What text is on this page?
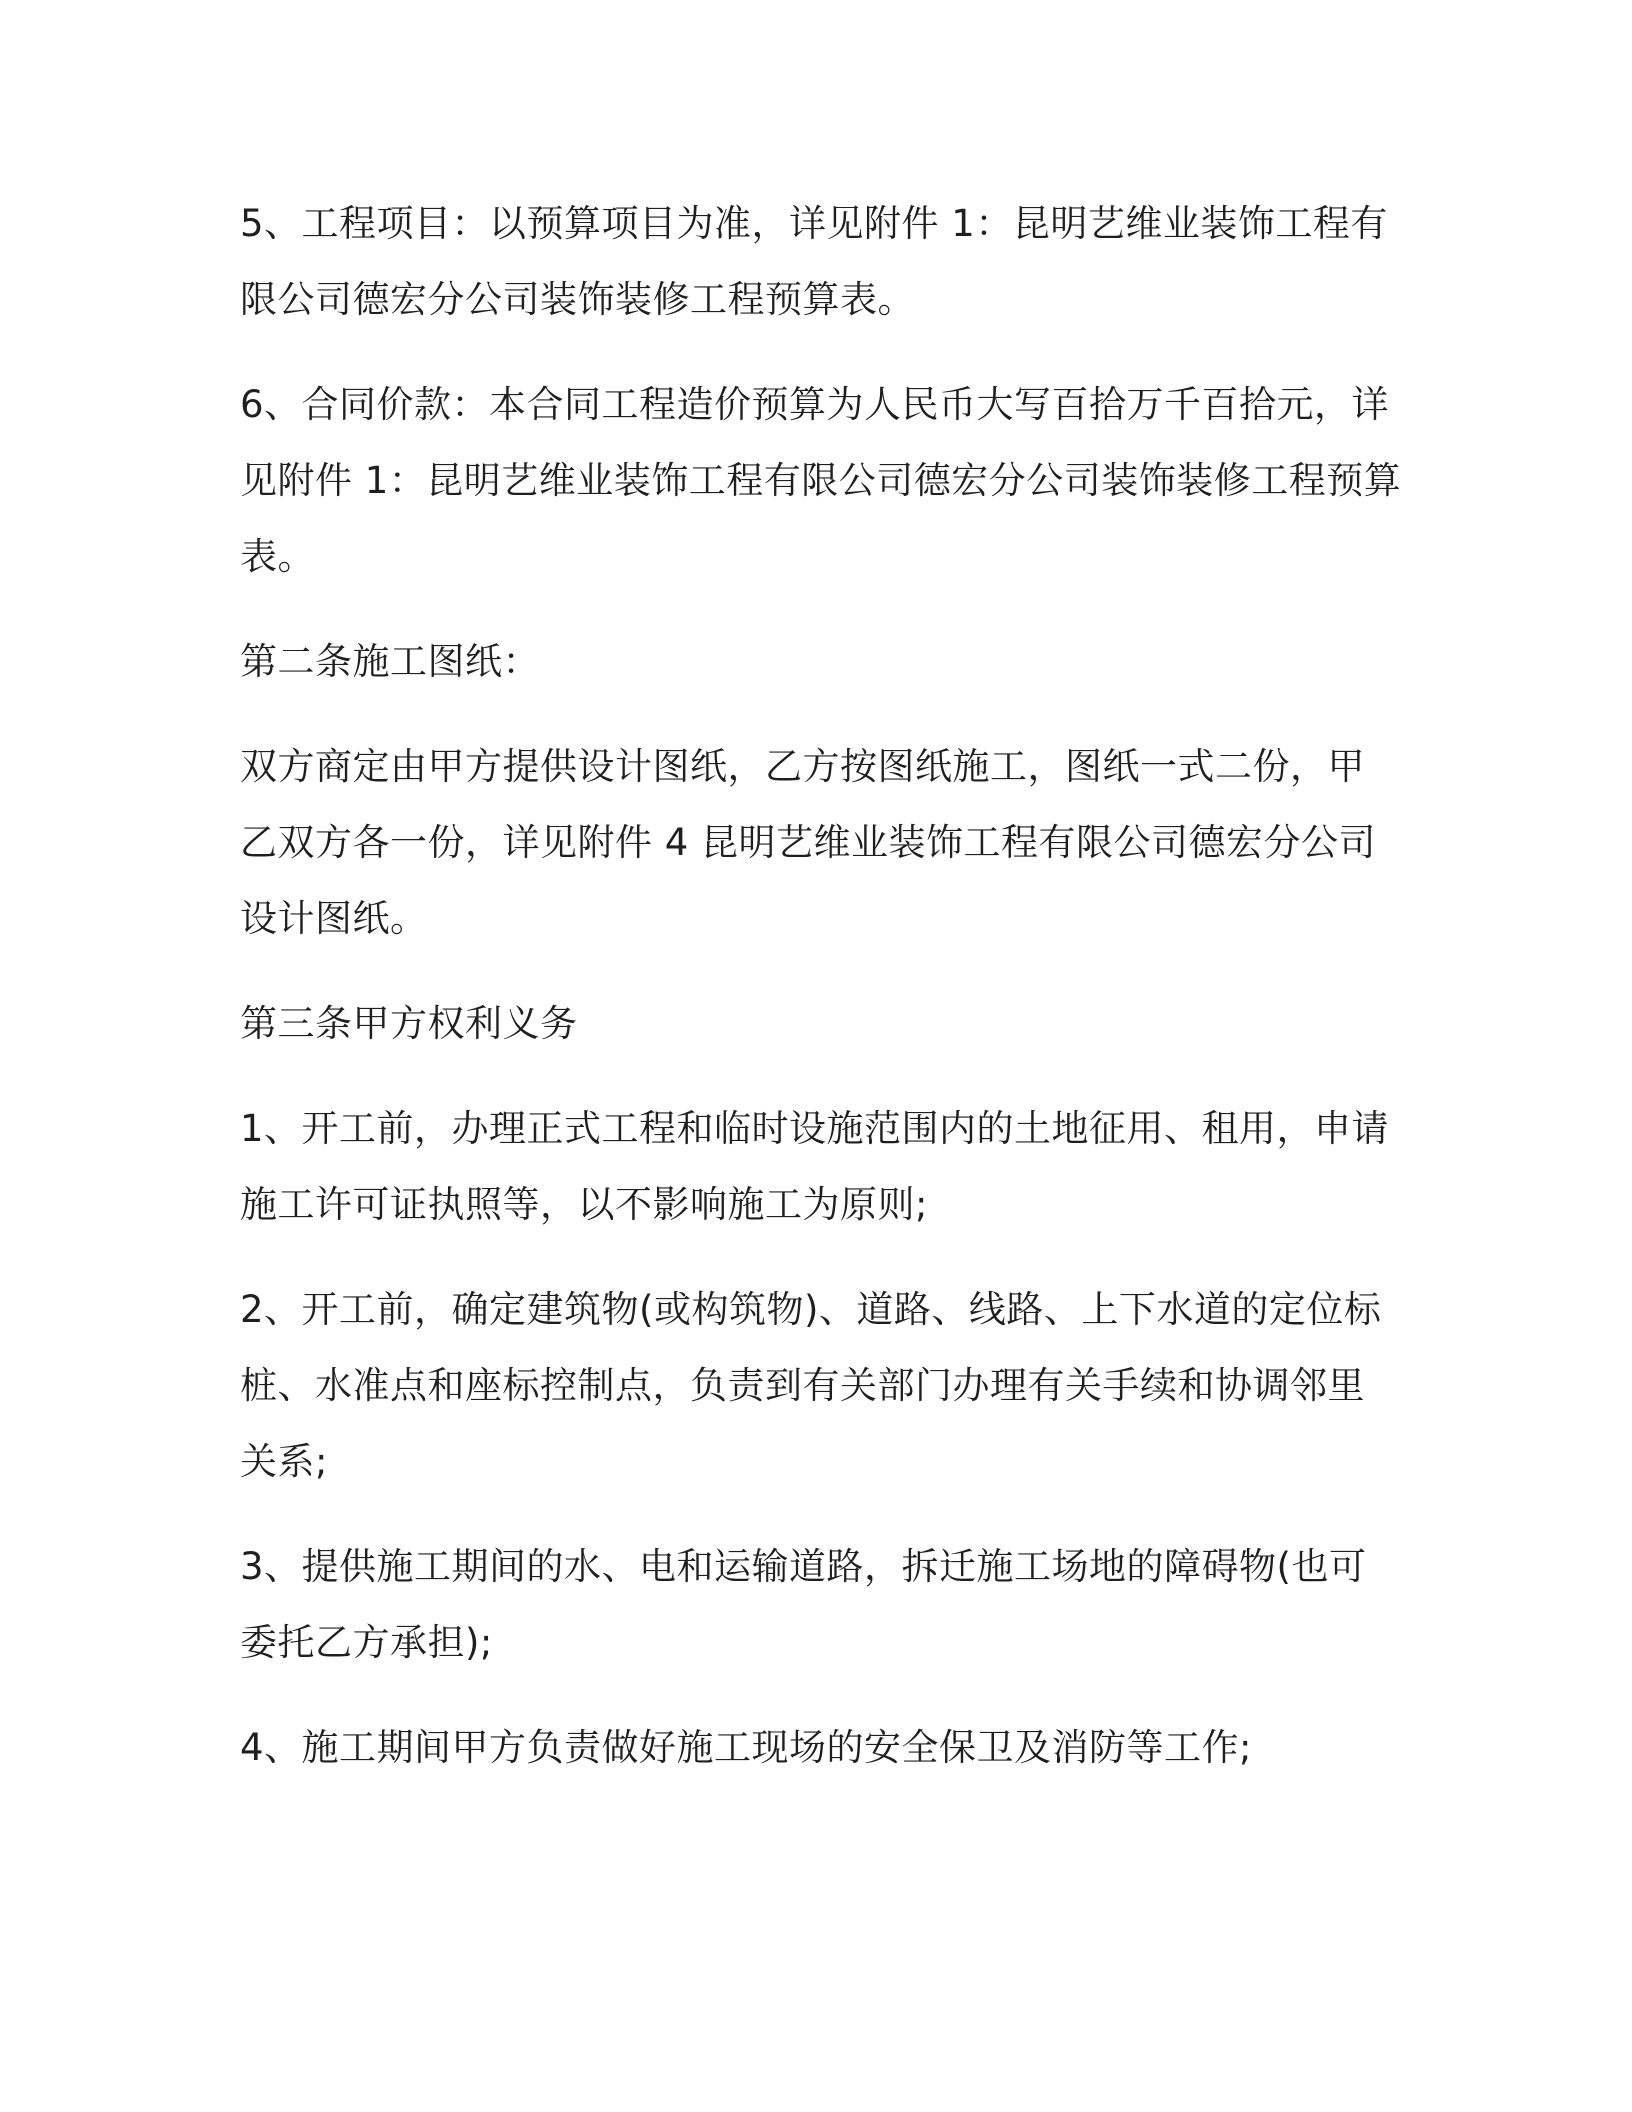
5、工程项目：以预算项目为准，详见附件 1：昆明艺维业装饰工程有
限公司德宏分公司装饰装修工程预算表。
6、合同价款：本合同工程造价预算为人民币大写百拾万千百拾元，详
见附件 1：昆明艺维业装饰工程有限公司德宏分公司装饰装修工程预算
表。
第二条施工图纸：
双方商定由甲方提供设计图纸，乙方按图纸施工，图纸一式二份，甲
乙双方各一份，详见附件 4 昆明艺维业装饰工程有限公司德宏分公司
设计图纸。
第三条甲方权利义务
1、开工前，办理正式工程和临时设施范围内的土地征用、租用，申请
施工许可证执照等，以不影响施工为原则;
2、开工前，确定建筑物(或构筑物)、道路、线路、上下水道的定位标
桩、水准点和座标控制点，负责到有关部门办理有关手续和协调邻里
关系;
3、提供施工期间的水、电和运输道路，拆迁施工场地的障碍物(也可
委托乙方承担);
4、施工期间甲方负责做好施工现场的安全保卫及消防等工作;
